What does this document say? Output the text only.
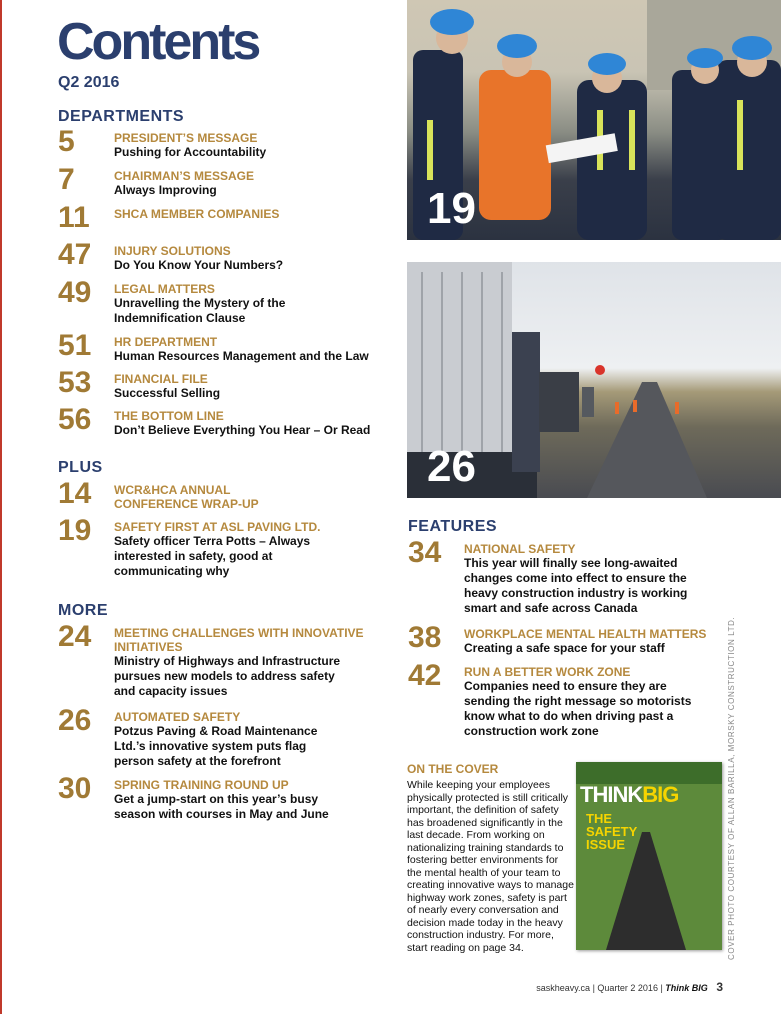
Contents
Q2 2016
DEPARTMENTS
5	PRESIDENT’S MESSAGE
Pushing for Accountability
7	CHAIRMAN’S MESSAGE
Always Improving
11 SHCA MEMBER COMPANIES
47 INJURY SOLUTIONS
Do You Know Your Numbers?
49 LEGAL MATTERS
Unravelling the Mystery of the Indemnification Clause
51 HR DEPARTMENT
Human Resources Management and the Law
53 FINANCIAL FILE
Successful Selling
56 THE BOTTOM LINE
Don’t Believe Everything You Hear – Or Read
PLUS
14 WCR&HCA ANNUAL CONFERENCE WRAP-UP
19 SAFETY FIRST AT ASL PAVING LTD.
Safety officer Terra Potts – Always interested in safety, good at communicating why
MORE
24 MEETING CHALLENGES WITH INNOVATIVE INITIATIVES
Ministry of Highways and Infrastructure pursues new models to address safety and capacity issues
26 AUTOMATED SAFETY
Potzus Paving & Road Maintenance Ltd.’s innovative system puts flag person safety at the forefront
30 SPRING TRAINING ROUND UP
Get a jump-start on this year’s busy season with courses in May and June
19
26
FEATURES
34 NATIONAL SAFETY
This year will finally see long-awaited changes come into effect to ensure the heavy construction industry is working smart and safe across Canada
38 WORKPLACE MENTAL HEALTH MATTERS
Creating a safe space for your staff
42 RUN A BETTER WORK ZONE
Companies need to ensure they are sending the right message so motorists know what to do when driving past a construction work zone
ON THE COVER
While keeping your employees physically protected is still critically important, the definition of safety has broadened significantly in the last decade. From working on nationalizing training standards to fostering better environments for the mental health of your team to creating innovative ways to manage highway work zones, safety is part of nearly every conversation and decision made today in the heavy construction industry. For more, start reading on page 34.
THINKBIG
THE SAFETY ISSUE	COVER PHOTO COURTESY OF ALLAN BARILLA, MORSKY CONSTRUCTION LTD.
saskheavy.ca | Quarter 2 2016 | Think BIG 3
